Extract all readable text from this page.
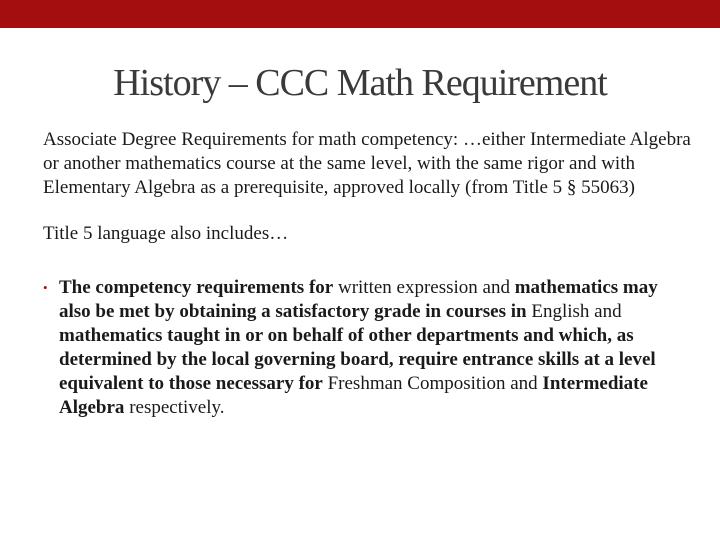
History – CCC Math Requirement

Associate Degree Requirements for math competency: …either Intermediate Algebra or another mathematics course at the same level, with the same rigor and with Elementary Algebra as a prerequisite, approved locally (from Title 5 § 55063)

Title 5 language also includes…

• The competency requirements for written expression and mathematics may also be met by obtaining a satisfactory grade in courses in English and mathematics taught in or on behalf of other departments and which, as determined by the local governing board, require entrance skills at a level equivalent to those necessary for Freshman Composition and Intermediate Algebra respectively.
